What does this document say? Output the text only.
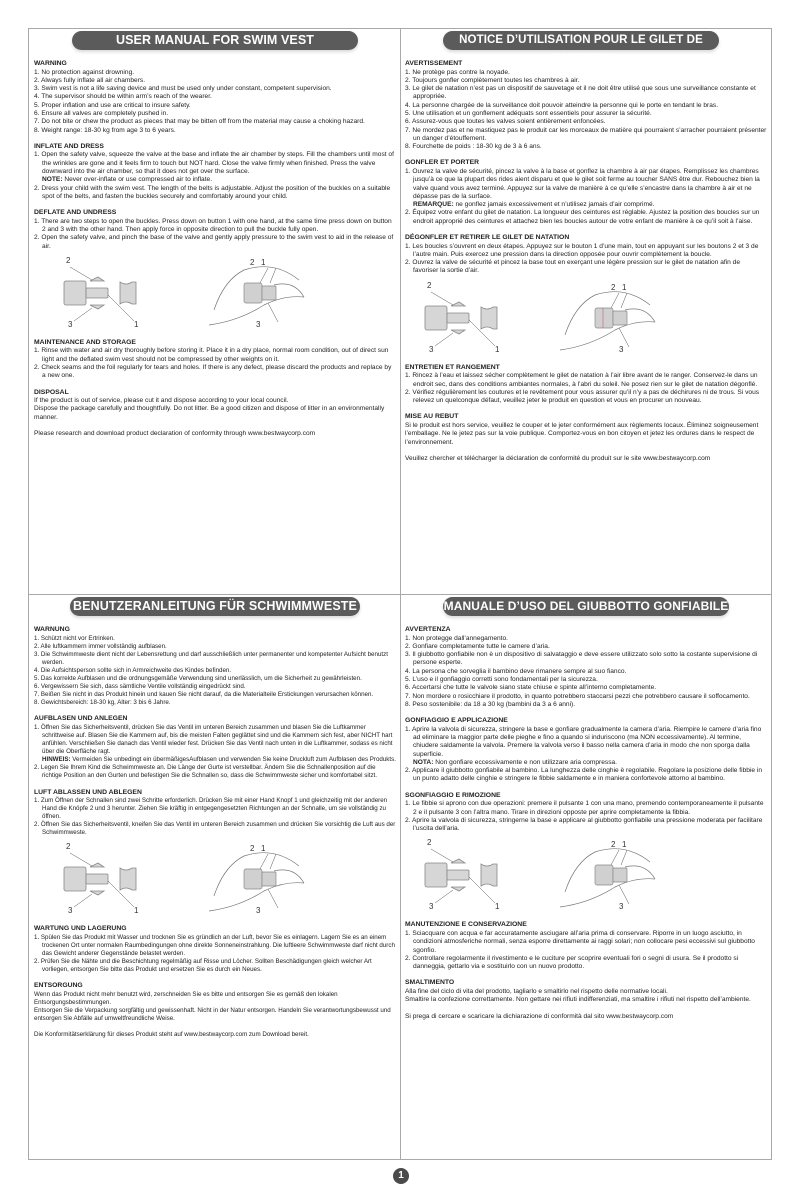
USER MANUAL FOR SWIM VEST
WARNING
1. No protection against drowning.
2. Always fully inflate all air chambers.
3. Swim vest is not a life saving device and must be used only under constant, competent supervision.
4. The supervisor should be within arm’s reach of the wearer.
5. Proper inflation and use are critical to insure safety.
6. Ensure all valves are completely pushed in.
7. Do not bite or chew the product as pieces that may be bitten off from the material may cause a choking hazard.
8. Weight range: 18-30 kg from age 3 to 6 years.
INFLATE AND DRESS
1. Open the safety valve, squeeze the valve at the base and inflate the air chamber by steps. Fill the chambers until most of the wrinkles are gone and it feels firm to touch but NOT hard. Close the valve firmly when finished. Press the valve downward into the air chamber, so that it does not get over the surface.
NOTE: Never over-inflate or use compressed air to inflate.
2. Dress your child with the swim vest. The length of the belts is adjustable. Adjust the position of the buckles on a suitable spot of the belts, and fasten the buckles securely and comfortably around your child.
DEFLATE AND UNDRESS
1. There are two steps to open the buckles. Press down on button 1 with one hand, at the same time press down on button 2 and 3 with the other hand. Then apply force in opposite direction to pull the buckle fully open.
2. Open the safety valve, and pinch the base of the valve and gently apply pressure to the swim vest to aid in the release of air.
2
3	1
2 1
3
MAINTENANCE AND STORAGE
1. Rinse with water and air dry thoroughly before storing it. Place it in a dry place, normal room condition, out of direct sun light and the deflated swim vest should not be compressed by other weights on it.
2. Check seams and the foil regularly for tears and holes. If there is any defect, please discard the products and replace by a new one.
DISPOSAL

If the product is out of service, please cut it and dispose according to your local council.

Dispose the package carefully and thoughtfully. Do not litter. Be a good citizen and dispose of litter in an environmentally manner.

Please research and download product declaration of conformity through www.bestwaycorp.com

NOTICE D’UTILISATION POUR LE GILET DE NATATION
AVERTISSEMENT
1. Ne protège pas contre la noyade.
2. Toujours gonfler complètement toutes les chambres à air.
3. Le gilet de natation n’est pas un dispositif de sauvetage et il ne doit être utilisé que sous une surveillance constante et appropriée.
4. La personne chargée de la surveillance doit pouvoir atteindre la personne qui le porte en tendant le bras.
5. Une utilisation et un gonflement adéquats sont essentiels pour assurer la sécurité.
6. Assurez-vous que toutes les valves soient entièrement enfoncées.
7. Ne mordez pas et ne mastiquez pas le produit car les morceaux de matière qui pourraient s’arracher pourraient présenter un danger d’étouffement.
8. Fourchette de poids : 18-30 kg de 3 à 6 ans.
GONFLER ET PORTER
1. Ouvrez la valve de sécurité, pincez la valve à la base et gonflez la chambre à air par étapes. Remplissez les chambres jusqu’à ce que la plupart des rides aient disparu et que le gilet soit ferme au toucher SANS être dur. Rebouchez bien la valve quand vous avez terminé. Appuyez sur la valve de manière à ce qu’elle s’encastre dans la chambre à air et ne dépasse pas de la surface.
REMARQUE: ne gonflez jamais excessivement et n’utilisez jamais d’air comprimé.
2. Équipez votre enfant du gilet de natation. La longueur des ceintures est réglable. Ajustez la position des boucles sur un endroit approprié des ceintures et attachez bien les boucles autour de votre enfant de manière à ce qu’il soit à l’aise.
DÉGONFLER ET RETIRER LE GILET DE NATATION
1. Les boucles s’ouvrent en deux étapes. Appuyez sur le bouton 1 d’une main, tout en appuyant sur les boutons 2 et 3 de l’autre main. Puis exercez une pression dans la direction opposée pour ouvrir complètement la boucle.
2. Ouvrez la valve de sécurité et pincez la base tout en exerçant une légère pression sur le gilet de natation afin de favoriser la sortie d’air.
2
3	1
2 1
3
ENTRETIEN ET RANGEMENT
1. Rincez à l’eau et laissez sécher complètement le gilet de natation à l’air libre avant de le ranger. Conservez-le dans un endroit sec, dans des conditions ambiantes normales, à l’abri du soleil. Ne posez rien sur le gilet de natation dégonflé.
2. Vérifiez régulièrement les coutures et le revêtement pour vous assurer qu’il n’y a pas de déchirures ni de trous. Si vous relevez un quelconque défaut, veuillez jeter le produit en question et vous en procurer un nouveau.
MISE AU REBUT

Si le produit est hors service, veuillez le couper et le jeter conformément aux règlements locaux. Éliminez soigneusement l’emballage. Ne le jetez pas sur la voie publique. Comportez-vous en bon citoyen et jetez les ordures dans le respect de l’environnement.

Veuillez chercher et télécharger la déclaration de conformité du produit sur le site www.bestwaycorp.com

BENUTZERANLEITUNG FÜR SCHWIMMWESTE
WARNUNG
1. Schützt nicht vor Ertrinken.
2. Alle luftkammern immer vollständig aufblasen.
3. Die Schwimmweste dient nicht der Lebensrettung und darf ausschließlich unter permanenter und kompetenter Aufsicht benutzt werden.
4. Die Aufsichtsperson sollte sich in Armreichweite des Kindes befinden.
5. Das korrekte Aufblasen und die ordnungsgemäße Verwendung sind unerlässlich, um die Sicherheit zu gewährleisten.
6. Vergewissern Sie sich, dass sämtliche Ventile vollständig eingedrückt sind.
7. Beißen Sie nicht in das Produkt hinein und kauen Sie nicht darauf, da die Materialteile Erstickungen verursachen können.
8. Gewichtsbereich: 18-30 kg, Alter: 3 bis 6 Jahre.
AUFBLASEN UND ANLEGEN
1. Öffnen Sie das Sicherheitsventil, drücken Sie das Ventil im unteren Bereich zusammen und blasen Sie die Luftkammer schrittweise auf. Blasen Sie die Kammern auf, bis die meisten Falten geglättet sind und die Kammern sich fest, aber NICHT hart anfühlen. Verschließen Sie danach das Ventil wieder fest. Drücken Sie das Ventil nach unten in die Luftkammer, sodass es nicht über die Oberfläche ragt.
HINWEIS: Vermeiden Sie unbedingt ein übermäßigesAufblasen und verwenden Sie keine Druckluft zum Aufblasen des Produkts.
2. Legen Sie Ihrem Kind die Schwimmweste an. Die Länge der Gurte ist verstellbar. Ändern Sie die Schnallenposition auf die richtige Position an den Gurten und befestigen Sie die Schnallen so, dass die Schwimmweste sicher und komfortabel sitzt.
LUFT ABLASSEN UND ABLEGEN
1. Zum Öffnen der Schnallen sind zwei Schritte erforderlich. Drücken Sie mit einer Hand Knopf 1 und gleichzeitig mit der anderen Hand die Knöpfe 2 und 3 herunter. Ziehen Sie kräftig in entgegengesetzten Richtungen an der Schnalle, um sie vollständig zu öffnen.
2. Öffnen Sie das Sicherheitsventil, kneifen Sie das Ventil im unteren Bereich zusammen und drücken Sie vorsichtig die Luft aus der Schwimmweste.
2
3	1
2 1
3
WARTUNG UND LAGERUNG
1. Spülen Sie das Produkt mit Wasser und trocknen Sie es gründlich an der Luft, bevor Sie es einlagern. Lagern Sie es an einem trockenen Ort unter normalen Raumbedingungen ohne direkte Sonneneinstrahlung. Die luftleere Schwimmweste darf nicht durch das Gewicht anderer Gegenstände belastet werden.
2. Prüfen Sie die Nähte und die Beschichtung regelmäßig auf Risse und Löcher. Sollten Beschädigungen gleich welcher Art vorliegen, entsorgen Sie bitte das Produkt und ersetzen Sie es durch ein Neues.
ENTSORGUNG

Wenn das Produkt nicht mehr benutzt wird, zerschneiden Sie es bitte und entsorgen Sie es gemäß den lokalen Entsorgungsbestimmungen.

Entsorgen Sie die Verpackung sorgfältig und gewissenhaft. Nicht in der Natur entsorgen. Handeln Sie verantwortungsbewusst und entsorgen Sie Abfälle auf umweltfreundliche Weise.

Die Konformitätserklärung für dieses Produkt steht auf www.bestwaycorp.com zum Download bereit.

MANUALE D’USO DEL GIUBBOTTO GONFIABILE
AVVERTENZA
1. Non protegge dall’annegamento.
2. Gonfiare completamente tutte le camere d’aria.
3. Il giubbotto gonfiabile non è un dispositivo di salvataggio e deve essere utilizzato solo sotto la costante supervisione di persone esperte.
4. La persona che sorveglia il bambino deve rimanere sempre al suo fianco.
5. L’uso e il gonfiaggio corretti sono fondamentali per la sicurezza.
6. Accertarsi che tutte le valvole siano state chiuse e spinte all’interno completamente.
7. Non mordere o rosicchiare il prodotto, in quanto potrebbero staccarsi pezzi che potrebbero causare il soffocamento.
8. Peso sostenibile: da 18 a 30 kg (bambini da 3 a 6 anni).
GONFIAGGIO E APPLICAZIONE
1. Aprire la valvola di sicurezza, stringere la base e gonfiare gradualmente la camera d’aria. Riempire le camere d’aria fino ad eliminare la maggior parte delle pieghe e fino a quando si induriscono (ma NON eccessivamente). Al termine, chiudere saldamente la valvola. Premere la valvola verso il basso nella camera d’aria in modo che non sporga dalla superficie.
NOTA: Non gonfiare eccessivamente e non utilizzare aria compressa.
2. Applicare il giubbotto gonfiabile al bambino. La lunghezza delle cinghie è regolabile. Regolare la posizione delle fibbie in un punto adatto delle cinghie e stringere le fibbie saldamente e in maniera confortevole attorno al bambino.
SGONFIAGGIO E RIMOZIONE
1. Le fibbie si aprono con due operazioni: premere il pulsante 1 con una mano, premendo contemporaneamente il pulsante 2 e il pulsante 3 con l’altra mano. Tirare in direzioni opposte per aprire completamente la fibbia.
2. Aprire la valvola di sicurezza, stringerne la base e applicare al giubbotto gonfiabile una pressione moderata per facilitare l’uscita dell’aria.
2
3	1
2 1
3
MANUTENZIONE E CONSERVAZIONE
1. Sciacquare con acqua e far accuratamente asciugare all’aria prima di conservare. Riporre in un luogo asciutto, in condizioni atmosferiche normali, senza esporre direttamente ai raggi solari; non collocare pesi eccessivi sul giubbotto sgonfio.
2. Controllare regolarmente il rivestimento e le cuciture per scoprire eventuali fori o segni di usura. Se il prodotto si danneggia, gettarlo via e sostituirlo con un nuovo prodotto.
SMALTIMENTO

Alla fine del ciclo di vita del prodotto, tagliarlo e smaltirlo nel rispetto delle normative locali.

Smaltire la confezione correttamente. Non gettare nei rifiuti indifferenziati, ma smaltire i rifiuti nel rispetto dell’ambiente.

Si prega di cercare e scaricare la dichiarazione di conformità dal sito www.bestwaycorp.com

1
